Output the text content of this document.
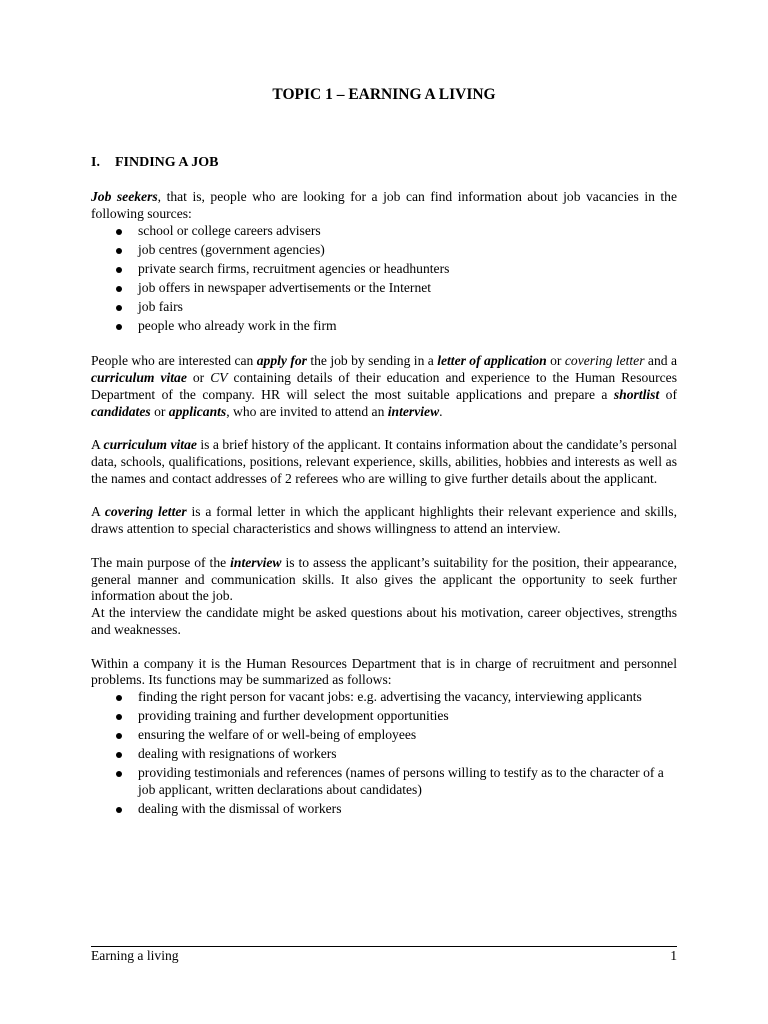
TOPIC 1 – EARNING A LIVING
I. FINDING A JOB

Job seekers, that is, people who are looking for a job can find information about job vacancies in the following sources:

school or college careers advisers
job centres (government agencies)
private search firms, recruitment agencies or headhunters
job offers in newspaper advertisements or the Internet
job fairs
people who already work in the firm

People who are interested can apply for the job by sending in a letter of application or covering letter and a curriculum vitae or CV containing details of their education and experience to the Human Resources Department of the company. HR will select the most suitable applications and prepare a shortlist of candidates or applicants, who are invited to attend an interview.

A curriculum vitae is a brief history of the applicant. It contains information about the candidate’s personal data, schools, qualifications, positions, relevant experience, skills, abilities, hobbies and interests as well as the names and contact addresses of 2 referees who are willing to give further details about the applicant.

A covering letter is a formal letter in which the applicant highlights their relevant experience and skills, draws attention to special characteristics and shows willingness to attend an interview.

The main purpose of the interview is to assess the applicant’s suitability for the position, their appearance, general manner and communication skills. It also gives the applicant the opportunity to seek further information about the job.

At the interview the candidate might be asked questions about his motivation, career objectives, strengths and weaknesses.

Within a company it is the Human Resources Department that is in charge of recruitment and personnel problems. Its functions may be summarized as follows:

finding the right person for vacant jobs: e.g. advertising the vacancy, interviewing applicants
providing training and further development opportunities
ensuring the welfare of or well-being of employees
dealing with resignations of workers
providing testimonials and references (names of persons willing to testify as to the character of a job applicant, written declarations about candidates)
dealing with the dismissal of workers
Earning a living	1
